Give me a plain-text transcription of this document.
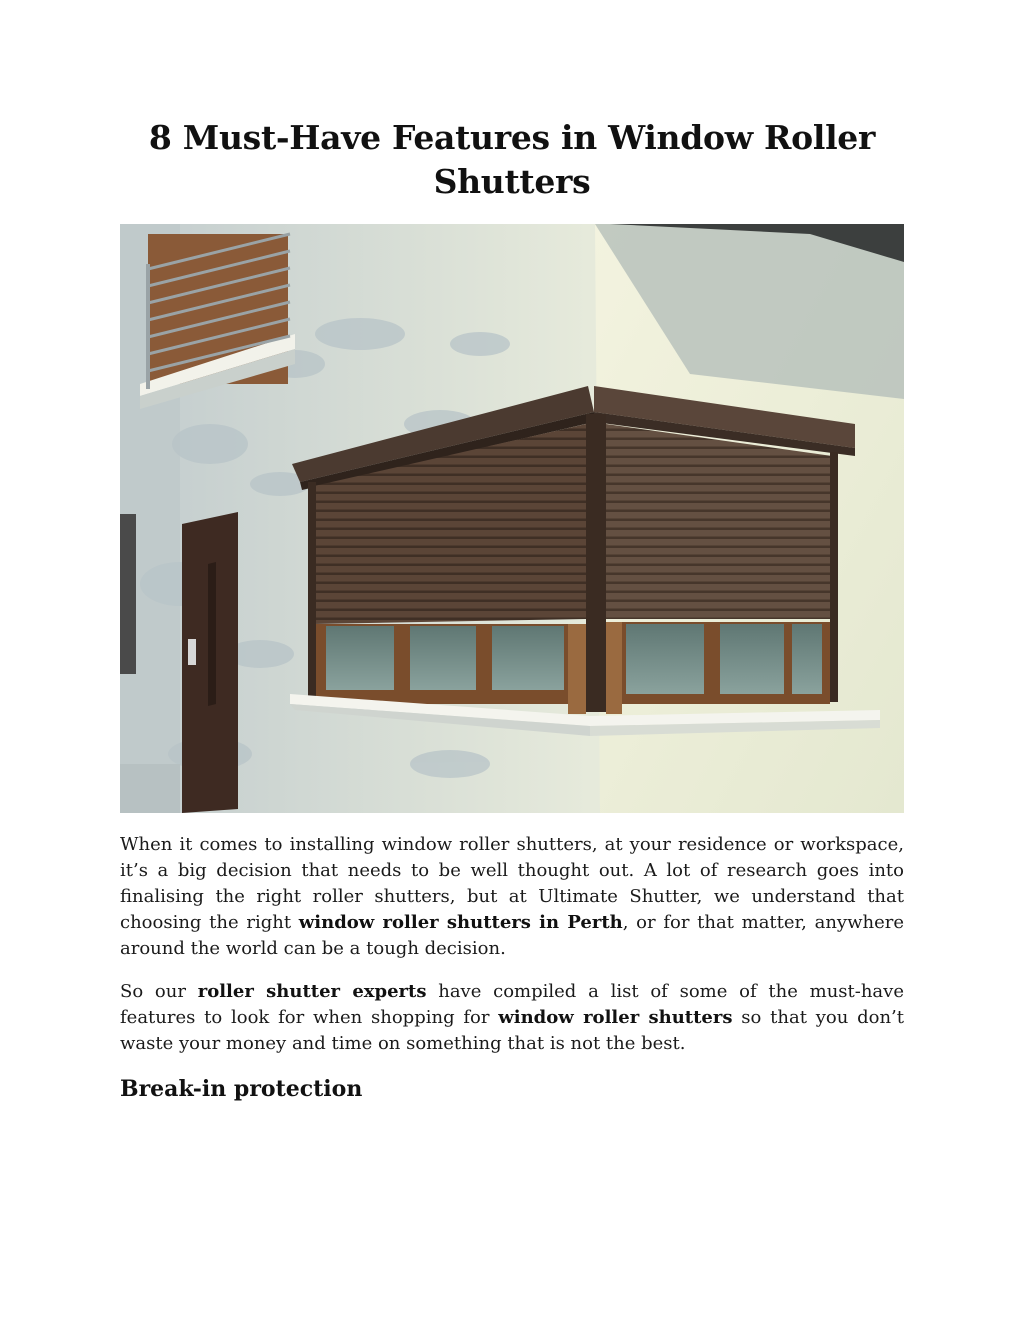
8 Must-Have Features in Window Roller Shutters

When it comes to installing window roller shutters, at your residence or workspace, it’s a big decision that needs to be well thought out. A lot of research goes into finalising the right roller shutters, but at Ultimate Shutter, we understand that choosing the right window roller shutters in Perth, or for that matter, anywhere around the world can be a tough decision.

So our roller shutter experts have compiled a list of some of the must-have features to look for when shopping for window roller shutters so that you don’t waste your money and time on something that is not the best.

Break-in protection
